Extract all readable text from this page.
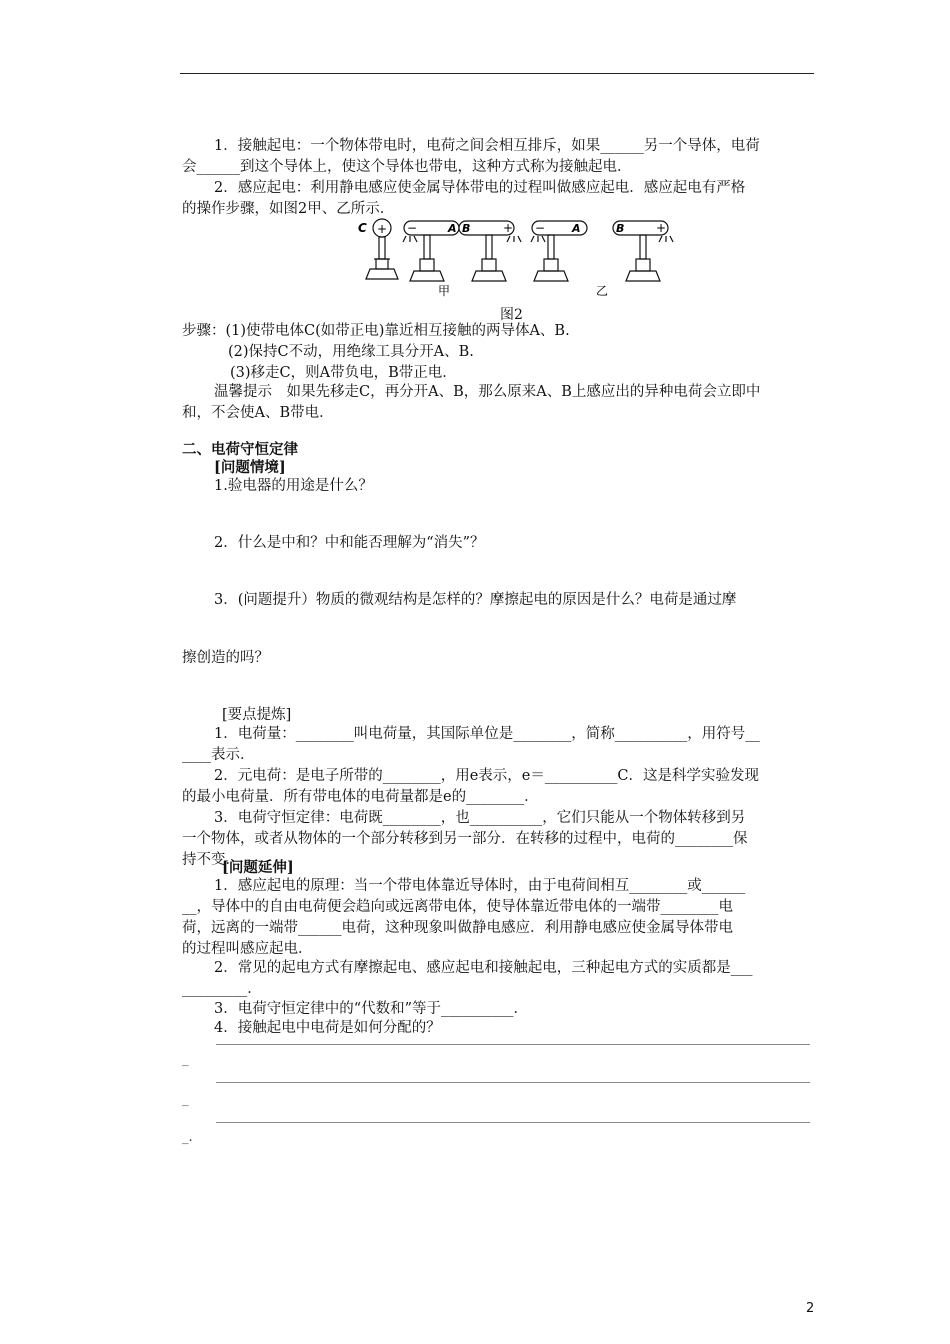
1．接触起电：一个物体带电时，电荷之间会相互排斥，如果______另一个导体，电荷
会______到这个导体上，使这个导体也带电，这种方式称为接触起电．
2．感应起电：利用静电感应使金属导体带电的过程叫做感应起电．感应起电有严格
的操作步骤，如图2甲、乙所示．
C + −	A B	+ − A	B	+
甲	乙
图2
步骤：(1)使带电体C(如带正电)靠近相互接触的两导体A、B.
(2)保持C不动，用绝缘工具分开A、B.
(3)移走C，则A带负电，B带正电．
温馨提示　如果先移走C，再分开A、B，那么原来A、B上感应出的异种电荷会立即中
和，不会使A、B带电．
二、电荷守恒定律
[问题情境]
1.验电器的用途是什么？
2．什么是中和？中和能否理解为“消失”？
3．(问题提升）物质的微观结构是怎样的？摩擦起电的原因是什么？电荷是通过摩
擦创造的吗？
[要点提炼]
1．电荷量：________叫电荷量，其国际单位是________，简称__________，用符号__
____表示．
2．元电荷：是电子所带的________，用e表示，e＝__________C．这是科学实验发现
的最小电荷量．所有带电体的电荷量都是e的________．
3．电荷守恒定律：电荷既________，也__________，它们只能从一个物体转移到另
一个物体，或者从物体的一个部分转移到另一部分．在转移的过程中，电荷的________保
持不变．
[问题延伸]
1．感应起电的原理：当一个带电体靠近导体时，由于电荷间相互________或______
__，导体中的自由电荷便会趋向或远离带电体，使导体靠近带电体的一端带________电
荷，远离的一端带______电荷，这种现象叫做静电感应．利用静电感应使金属导体带电
的过程叫感应起电．
2．常见的起电方式有摩擦起电、感应起电和接触起电，三种起电方式的实质都是___
_________．
3．电荷守恒定律中的“代数和”等于__________．
4．接触起电中电荷是如何分配的？
_
_
_.
2
